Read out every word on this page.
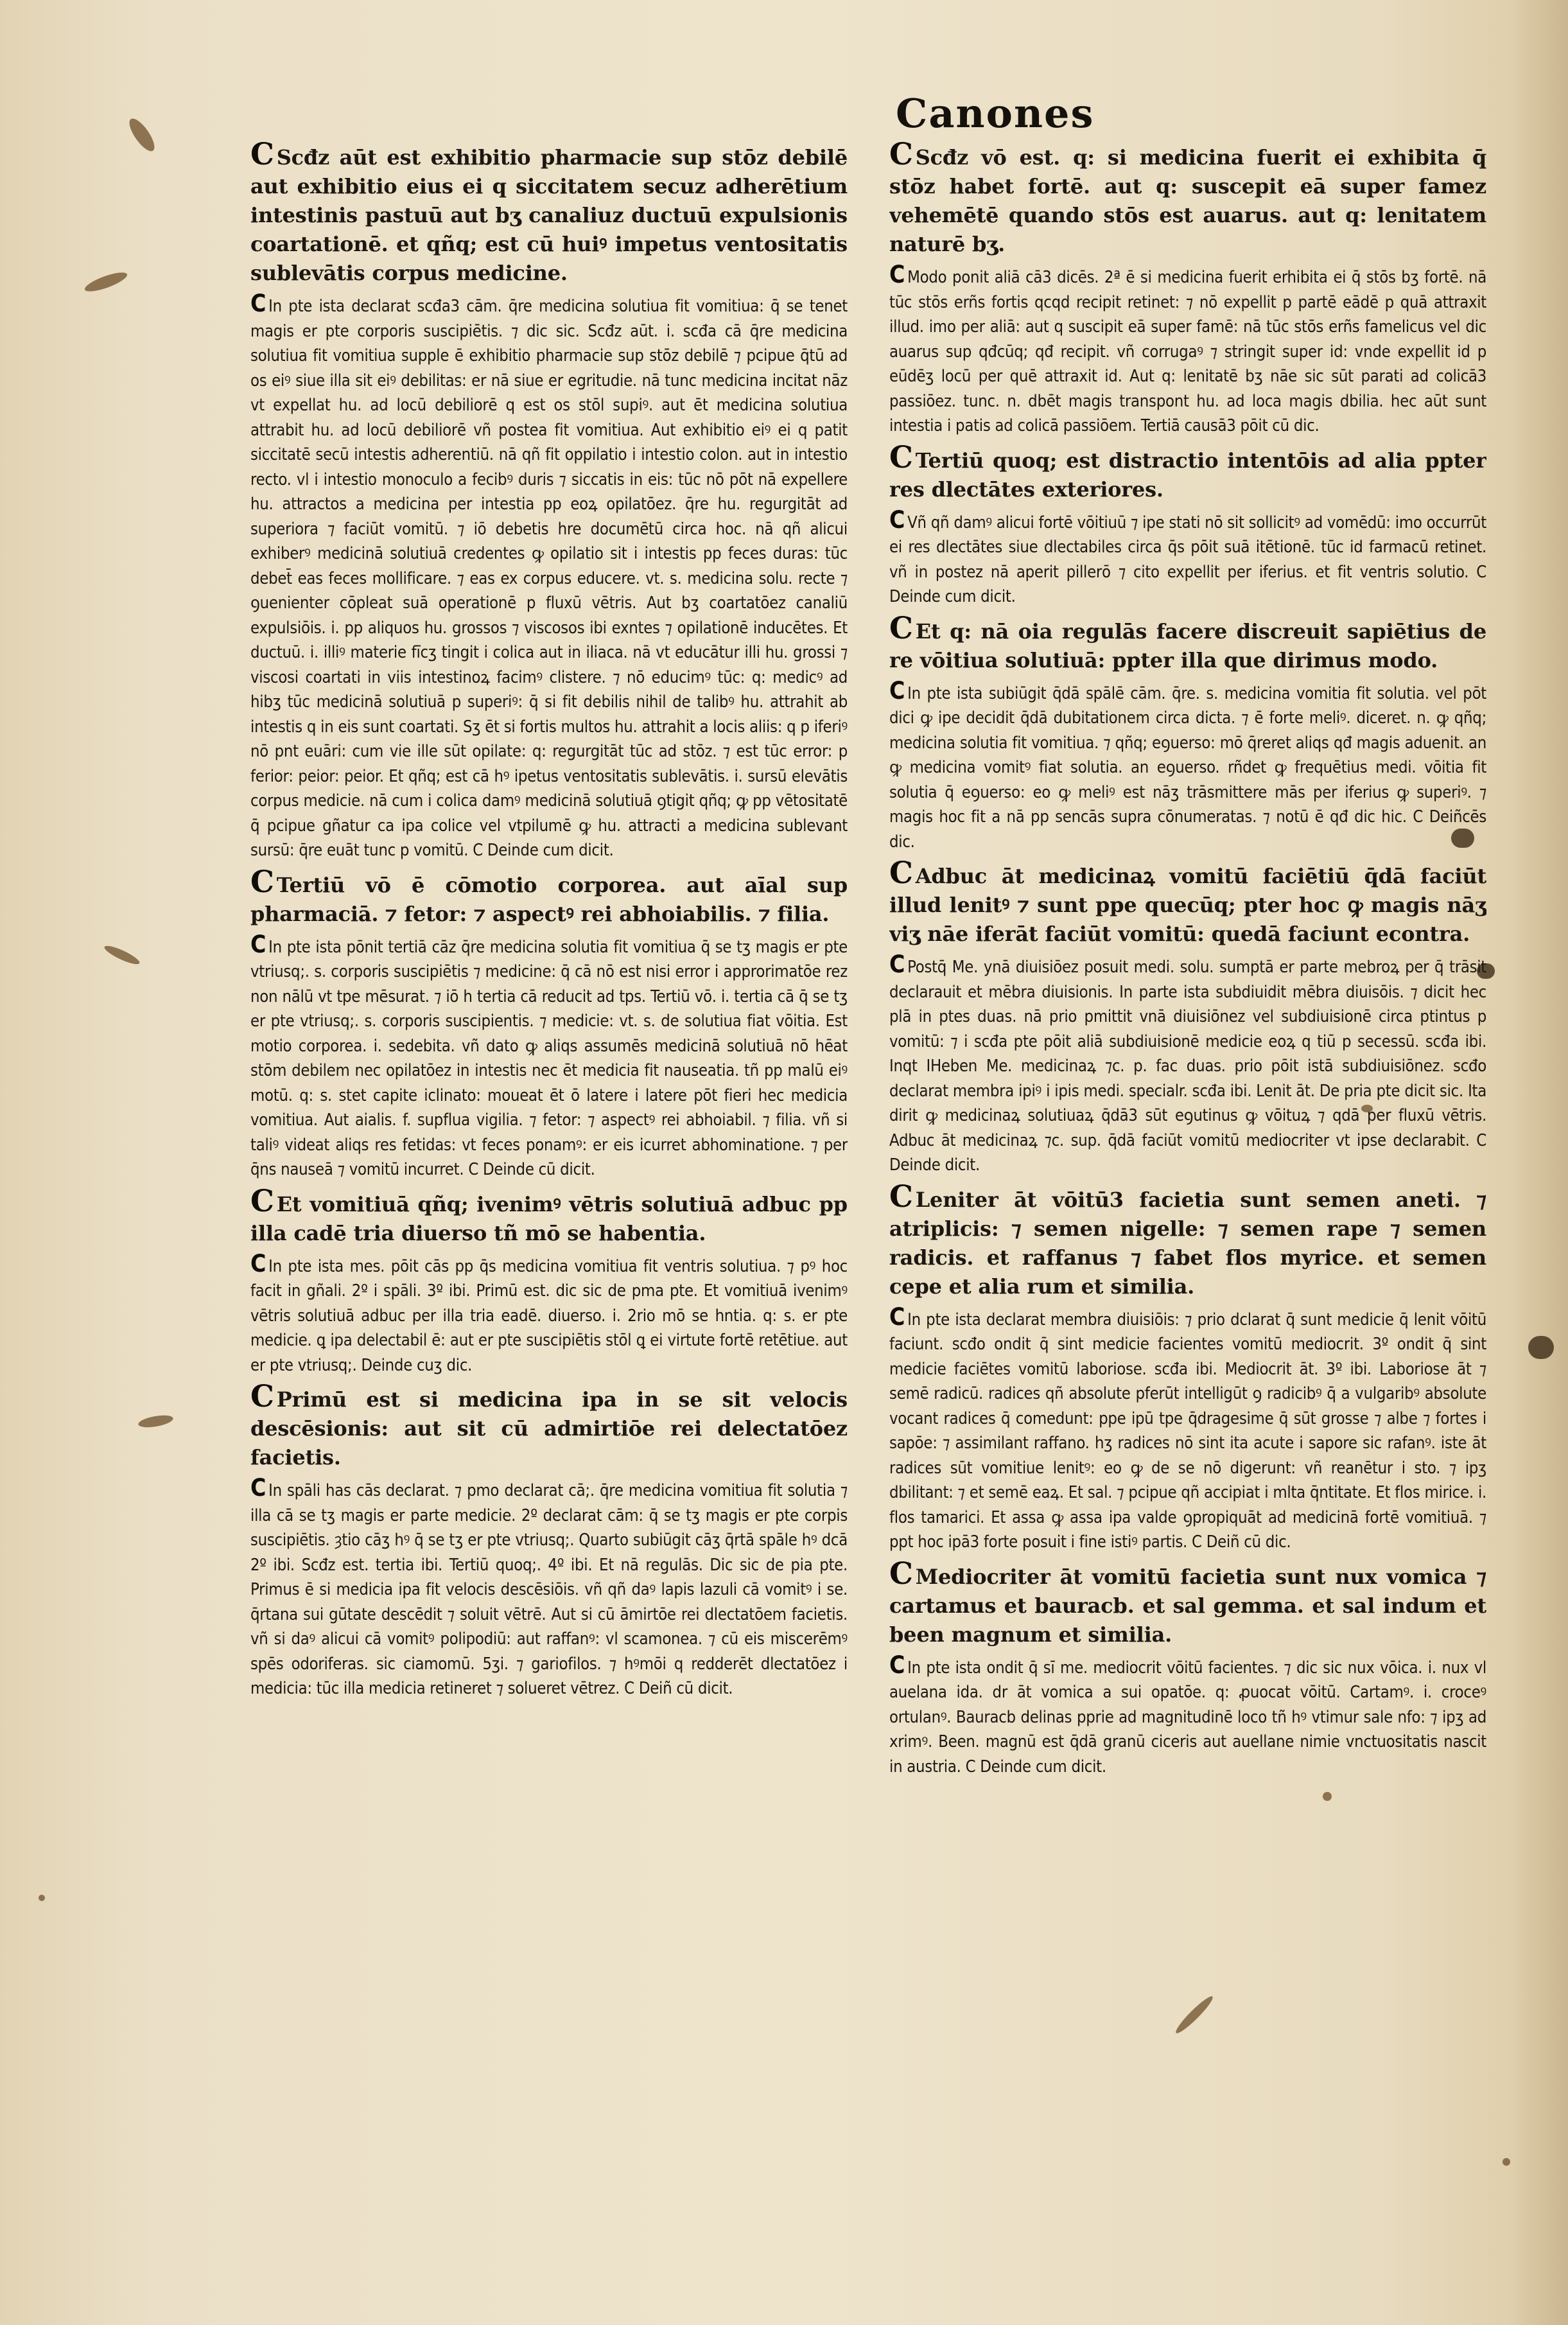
Canones

C Scđz aūt est exhibitio pharmacie sup stōz debilē aut exhibitio eius ei q siccitatem secuz adherētium intestinis pastuū aut bʒ canaliuz ductuū expulsionis coartationē. et qñq; est cū huiꝰ impetus ventositatis sublevātis corpus medicine.

C In pte ista declarat scđa3 cām. q̄re medicina solutiua fit vomitiua: q̄ se tenet magis er pte corporis suscipiētis. ⁊ dic sic. Scđz aūt. i. scđa cā q̄re medicina solutiua fit vomitiua supple ē exhibitio pharmacie sup stōz debilē ⁊ pcipue q̄tū ad os eiꝰ siue illa sit eiꝰ debilitas: er nā siue er egritudie. nā tunc medicina incitat nāz vt expellat hu. ad locū debiliorē q est os stōl supiꝰ. aut ēt medicina solutiua attrabit hu. ad locū debiliorē vñ postea fit vomitiua. Aut exhibitio eiꝰ ei q patit siccitatē secū intestis adherentiū. nā qñ fit oppilatio i intestio colon. aut in intestio recto. vl i intestio monoculo a fecibꝰ duris ⁊ siccatis in eis: tūc nō pōt nā expellere hu. attractos a medicina per intestia pp eoꝝ opilatōez. q̄re hu. regurgitāt ad superiora ⁊ faciūt vomitū. ⁊ iō debetis hre documētū circa hoc. nā qñ alicui exhiberꝰ medicinā solutiuā credentes ꝙ opilatio sit i intestis pp feces duras: tūc debet̄ eas feces mollificare. ⁊ eas ex corpus educere. vt. s. medicina solu. recte ⁊ ꝯuenienter cōpleat suā operationē p fluxū vētris. Aut bʒ coartatōez canaliū expulsiōis. i. pp aliquos hu. grossos ⁊ viscosos ibi exntes ⁊ opilationē inducētes. Et ductuū. i. illiꝰ materie fīcʒ tingit i colica aut in iliaca. nā vt educātur illi hu. grossi ⁊ viscosi coartati in viis intestinoꝝ facimꝰ clistere. ⁊ nō educimꝰ tūc: q: medicꝰ ad hibʒ tūc medicinā solutiuā p superiꝰ: q̄ si fit debilis nihil de talibꝰ hu. attrahit ab intestis q in eis sunt coartati. Sʒ ēt si fortis multos hu. attrahit a locis aliis: q p iferiꝰ nō pnt euāri: cum vie ille sūt opilate: q: regurgitāt tūc ad stōz. ⁊ est tūc error: p ferior: peior: peior. Et qñq; est cā hꝰ ipetus ventositatis sublevātis. i. sursū elevātis corpus medicie. nā cum i colica damꝰ medicinā solutiuā ꝯtigit qñq; ꝙ pp vētositatē q̄ pcipue gñatur ca ipa colice vel vtpilumē ꝙ hu. attracti a medicina sublevant sursū: q̄re euāt tunc p vomitū. C Deinde cum dicit.

C Tertiū vō ē cōmotio corporea. aut aīal sup pharmaciā. ⁊ fetor: ⁊ aspectꝰ rei abhoiabilis. ⁊ filia.

C In pte ista pōnit tertiā cāz q̄re medicina solutia fit vomitiua q̄ se tʒ magis er pte vtriusq;. s. corporis suscipiētis ⁊ medicine: q̄ cā nō est nisi error i approrimatōe rez non nālū vt tpe mēsurat. ⁊ iō h tertia cā reducit ad tps. Tertiū vō. i. tertia cā q̄ se tʒ er pte vtriusq;. s. corporis suscipientis. ⁊ medicie: vt. s. de solutiua fiat vōitia. Est motio corporea. i. sedebita. vñ dato ꝙ aliqs assumēs medicinā solutiuā nō hēat stōm debilem nec opilatōez in intestis nec ēt medicia fit nauseatia. tñ pp malū eiꝰ motū. q: s. stet capite iclinato: moueat ēt ō latere i latere pōt fieri hec medicia vomitiua. Aut aialis. f. supflua vigilia. ⁊ fetor: ⁊ aspectꝰ rei abhoiabil. ⁊ filia. vñ si taliꝰ videat aliqs res fetidas: vt feces ponamꝰ: er eis icurret abhominatione. ⁊ per q̄ns nauseā ⁊ vomitū incurret. C Deinde cū dicit.

C Et vomitiuā qñq; ivenimꝰ vētris solutiuā adbuc pp illa cadē tria diuerso tñ mō se habentia.

C In pte ista mes. pōit cās pp q̄s medicina vomitiua fit ventris solutiua. ⁊ pꝰ hoc facit in gñali. 2º i spāli. 3º ibi. Primū est. dic sic de pma pte. Et vomitiuā ivenimꝰ vētris solutiuā adbuc per illa tria eadē. diuerso. i. 2rio mō se hntia. q: s. er pte medicie. ꝗ ipa delectabil ē: aut er pte suscipiētis stōl ꝗ ei virtute fortē retētiue. aut er pte vtriusq;. Deinde cuʒ dic.

C Primū est si medicina ipa in se sit velocis descēsionis: aut sit cū admirtiōe rei delectatōez facietis.

C In spāli has cās declarat. ⁊ pmo declarat cā;. q̄re medicina vomitiua fit solutia ⁊ illa cā se tʒ magis er parte medicie. 2º declarat cām: q̄ se tʒ magis er pte corpis suscipiētis. ȝtio cāʒ hꝰ q̄ se tʒ er pte vtriusq;. Quarto subiūgit cāʒ q̄rtā spāle hꝰ dcā 2º ibi. Scđz est. tertia ibi. Tertiū quoq;. 4º ibi. Et nā regulās. Dic sic de pia pte. Primus ē si medicia ipa fit velocis descēsiōis. vñ qñ daꝰ lapis lazuli cā vomitꝰ i se. q̄rtana sui gūtate descēdit ⁊ soluit vētrē. Aut si cū āmirtōe rei dlectatōem facietis. vñ si daꝰ alicui cā vomitꝰ polipodiū: aut raffanꝰ: vl scamonea. ⁊ cū eis miscerēmꝰ spēs odoriferas. sic ciamomū. 5ʒi. ⁊ gariofilos. ⁊ hꝰmōi q redderēt dlectatōez i medicia: tūc illa medicia retineret ⁊ solueret vētrez. C Deiñ cū dicit.

C Scđz vō est. q: si medicina fuerit ei exhibita q̄ stōz habet fortē. aut q: suscepit eā super famez vehemētē quando stōs est auarus. aut q: lenitatem naturē bʒ.

C Modo ponit aliā cā3 dicēs. 2ª ē si medicina fuerit erhibita ei q̄ stōs bʒ fortē. nā tūc stōs erñs fortis qcqd recipit retinet: ⁊ nō expellit p partē eādē p quā attraxit illud. imo per aliā: aut q suscipit eā super famē: nā tūc stōs erñs famelicus vel dic auarus sup qđcūq; qđ recipit. vñ corrugaꝰ ⁊ stringit super id: vnde expellit id p eūdēʒ locū per quē attraxit id. Aut q: lenitatē bʒ nāe sic sūt parati ad colicā3 passiōez. tunc. n. dbēt magis transpont hu. ad loca magis dbilia. hec aūt sunt intestia i patis ad colicā passiōem. Tertiā causā3 pōit cū dic.

C Tertiū quoq; est distractio intentōis ad alia ppter res dlectātes exteriores.

C Vñ qñ damꝰ alicui fortē vōitiuū ⁊ ipe stati nō sit sollicitꝰ ad vomēdū: imo occurrūt ei res dlectātes siue dlectabiles circa q̄s pōit suā itētionē. tūc id farmacū retinet. vñ in postez nā aperit pillerō ⁊ cito expellit per iferius. et fit ventris solutio. C Deinde cum dicit.

C Et q: nā oia regulās facere discreuit sapiētius de re vōitiua solutiuā: ppter illa que dirimus modo.

C In pte ista subiūgit q̄dā spālē cām. q̄re. s. medicina vomitia fit solutia. vel pōt dici ꝙ ipe decidit q̄dā dubitationem circa dicta. ⁊ ē forte meliꝰ. diceret. n. ꝙ qñq; medicina solutia fit vomitiua. ⁊ qñq; eꝯuerso: mō q̄reret aliqs qđ magis aduenit. an ꝙ medicina vomitꝰ fiat solutia. an eꝯuerso. rñdet ꝙ frequētius medi. vōitia fit solutia q̄ eꝯuerso: eo ꝙ meliꝰ est nāʒ trāsmittere mās per iferius ꝙ superiꝰ. ⁊ magis hoc fit a nā pp sencās supra cōnumeratas. ⁊ notū ē qđ dic hic. C Deiñcēs dic.

C Adbuc āt medicinaꝝ vomitū faciētiū q̄dā faciūt illud lenitꝰ ⁊ sunt ppe quecūq; pter hoc ꝙ magis nāʒ viʒ nāe iferāt faciūt vomitū: quedā faciunt econtra.

C Postq̄ Me. ynā diuisiōez posuit medi. solu. sumptā er parte mebroꝝ per q̄ trāsit declarauit et mēbra diuisionis. In parte ista subdiuidit mēbra diuisōis. ⁊ dicit hec plā in ptes duas. nā prio pmittit vnā diuisiōnez vel subdiuisionē circa ptintus p vomitū: ⁊ i scđa pte pōit aliā subdiuisionē medicie eoꝝ q tiū p secessū. scđa ibi. Inqt IHeben Me. medicinaꝝ ⁊c. p. fac duas. prio pōit istā subdiuisiōnez. scđo declarat membra ipiꝰ i ipis medi. specialr. scđa ibi. Lenit āt. De pria pte dicit sic. Ita dirit ꝙ medicinaꝝ solutiuaꝝ q̄dā3 sūt eꝯutinus ꝙ vōituꝝ ⁊ qdā per fluxū vētris. Adbuc āt medicinaꝝ ⁊c. sup. q̄dā faciūt vomitū mediocriter vt ipse declarabit. C Deinde dicit.

C Leniter āt vōitū3 facietia sunt semen aneti. ⁊ atriplicis: ⁊ semen nigelle: ⁊ semen rape ⁊ semen radicis. et raffanus ⁊ fabet flos myrice. et semen cepe et alia rum et similia.

C In pte ista declarat membra diuisiōis: ⁊ prio dclarat q̄ sunt medicie q̄ lenit vōitū faciunt. scđo ondit q̄ sint medicie facientes vomitū mediocrit. 3º ondit q̄ sint medicie faciētes vomitū laboriose. scđa ibi. Mediocrit āt. 3º ibi. Laboriose āt ⁊ semē radicū. radices qñ absolute pferūt intelligūt ꝯ radicibꝰ q̄ a vulgaribꝰ absolute vocant radices q̄ comedunt: ppe ipū tpe q̄dragesime q̄ sūt grosse ⁊ albe ⁊ fortes i sapōe: ⁊ assimilant raffano. hʒ radices nō sint ita acute i sapore sic rafanꝰ. iste āt radices sūt vomitiue lenitꝰ: eo ꝙ de se nō digerunt: vñ reanētur i sto. ⁊ ipʒ dbilitant: ⁊ et semē eaꝝ. Et sal. ⁊ pcipue qñ accipiat i mlta q̄ntitate. Et flos mirice. i. flos tamarici. Et assa ꝙ assa ipa valde ꝯpropiquāt ad medicinā fortē vomitiuā. ⁊ ppt hoc ipā3 forte posuit i fine istiꝰ partis. C Deiñ cū dic.

C Mediocriter āt vomitū facietia sunt nux vomica ⁊ cartamus et bauracb. et sal gemma. et sal indum et been magnum et similia.

C In pte ista ondit q̄ sī me. mediocrit vōitū facientes. ⁊ dic sic nux vōica. i. nux vl auelana ida. dr āt vomica a sui opatōe. q: ꝓuocat vōitū. Cartamꝰ. i. croceꝰ ortulanꝰ. Bauracb delinas pprie ad magnitudinē loco tñ hꝰ vtimur sale nfo: ⁊ ipʒ ad xrimꝰ. Been. magnū est q̄dā granū ciceris aut auellane nimie vnctuositatis nascit in austria. C Deinde cum dicit.
